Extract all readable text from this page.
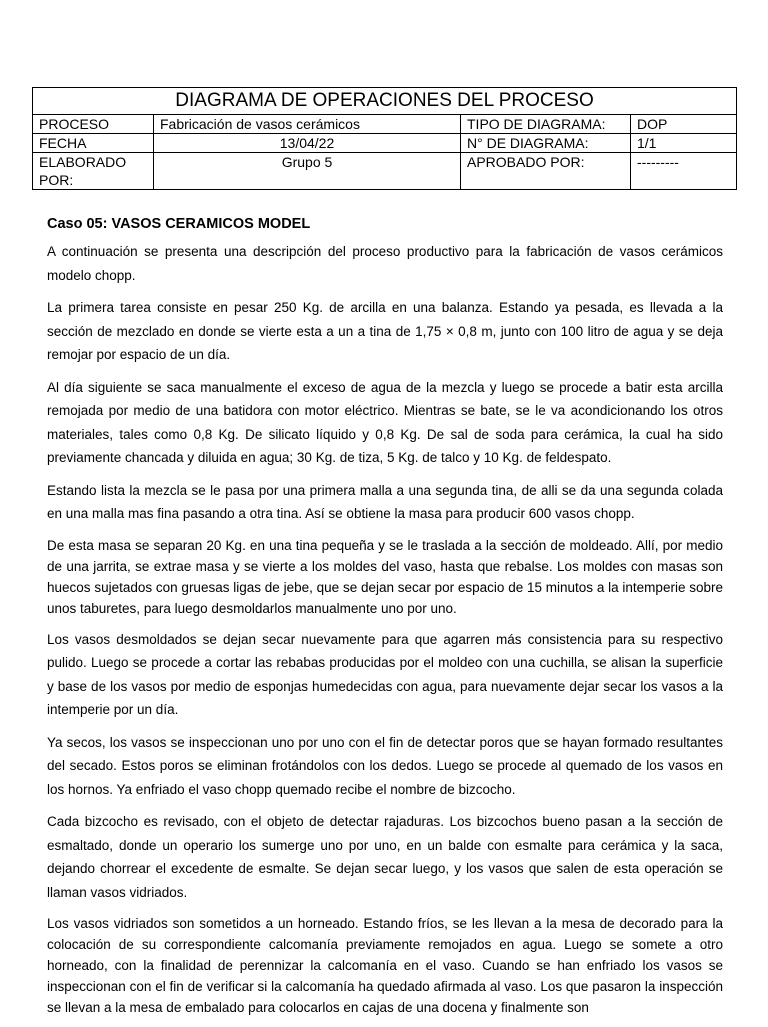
DIAGRAMA DE OPERACIONES DEL PROCESO			
PROCESO	Fabricación de vasos cerámicos	TIPO DE DIAGRAMA:	DOP
FECHA	13/04/22	N° DE DIAGRAMA:	1/1
ELABORADO POR:	Grupo 5	APROBADO POR:	---------
Caso 05: VASOS CERAMICOS MODEL

A continuación se presenta una descripción del proceso productivo para la fabricación de vasos cerámicos modelo chopp.

La primera tarea consiste en pesar 250 Kg. de arcilla en una balanza. Estando ya pesada, es llevada a la sección de mezclado en donde se vierte esta a un a tina de 1,75 × 0,8 m, junto con 100 litro de agua y se deja remojar por espacio de un día.

Al día siguiente se saca manualmente el exceso de agua de la mezcla y luego se procede a batir esta arcilla remojada por medio de una batidora con motor eléctrico. Mientras se bate, se le va acondicionando los otros materiales, tales como 0,8 Kg. De silicato líquido y 0,8 Kg. De sal de soda para cerámica, la cual ha sido previamente chancada y diluida en agua; 30 Kg. de tiza, 5 Kg. de talco y 10 Kg. de feldespato.

Estando lista la mezcla se le pasa por una primera malla a una segunda tina, de alli se da una segunda colada en una malla mas fina pasando a otra tina. Así se obtiene la masa para producir 600 vasos chopp.

De esta masa se separan 20 Kg. en una tina pequeña y se le traslada a la sección de moldeado. Allí, por medio de una jarrita, se extrae masa y se vierte a los moldes del vaso, hasta que rebalse. Los moldes con masas son huecos sujetados con gruesas ligas de jebe, que se dejan secar por espacio de 15 minutos a la intemperie sobre unos taburetes, para luego desmoldarlos manualmente uno por uno.

Los vasos desmoldados se dejan secar nuevamente para que agarren más consistencia para su respectivo pulido. Luego se procede a cortar las rebabas producidas por el moldeo con una cuchilla, se alisan la superficie y base de los vasos por medio de esponjas humedecidas con agua, para nuevamente dejar secar los vasos a la intemperie por un día.

Ya secos, los vasos se inspeccionan uno por uno con el fin de detectar poros que se hayan formado resultantes del secado. Estos poros se eliminan frotándolos con los dedos. Luego se procede al quemado de los vasos en los hornos. Ya enfriado el vaso chopp quemado recibe el nombre de bizcocho.

Cada bizcocho es revisado, con el objeto de detectar rajaduras. Los bizcochos bueno pasan a la sección de esmaltado, donde un operario los sumerge uno por uno, en un balde con esmalte para cerámica y la saca, dejando chorrear el excedente de esmalte. Se dejan secar luego, y los vasos que salen de esta operación se llaman vasos vidriados.

Los vasos vidriados son sometidos a un horneado. Estando fríos, se les llevan a la mesa de decorado para la colocación de su correspondiente calcomanía previamente remojados en agua. Luego se somete a otro horneado, con la finalidad de perennizar la calcomanía en el vaso. Cuando se han enfriado los vasos se inspeccionan con el fin de verificar si la calcomanía ha quedado afirmada al vaso. Los que pasaron la inspección se llevan a la mesa de embalado para colocarlos en cajas de una docena y finalmente son
